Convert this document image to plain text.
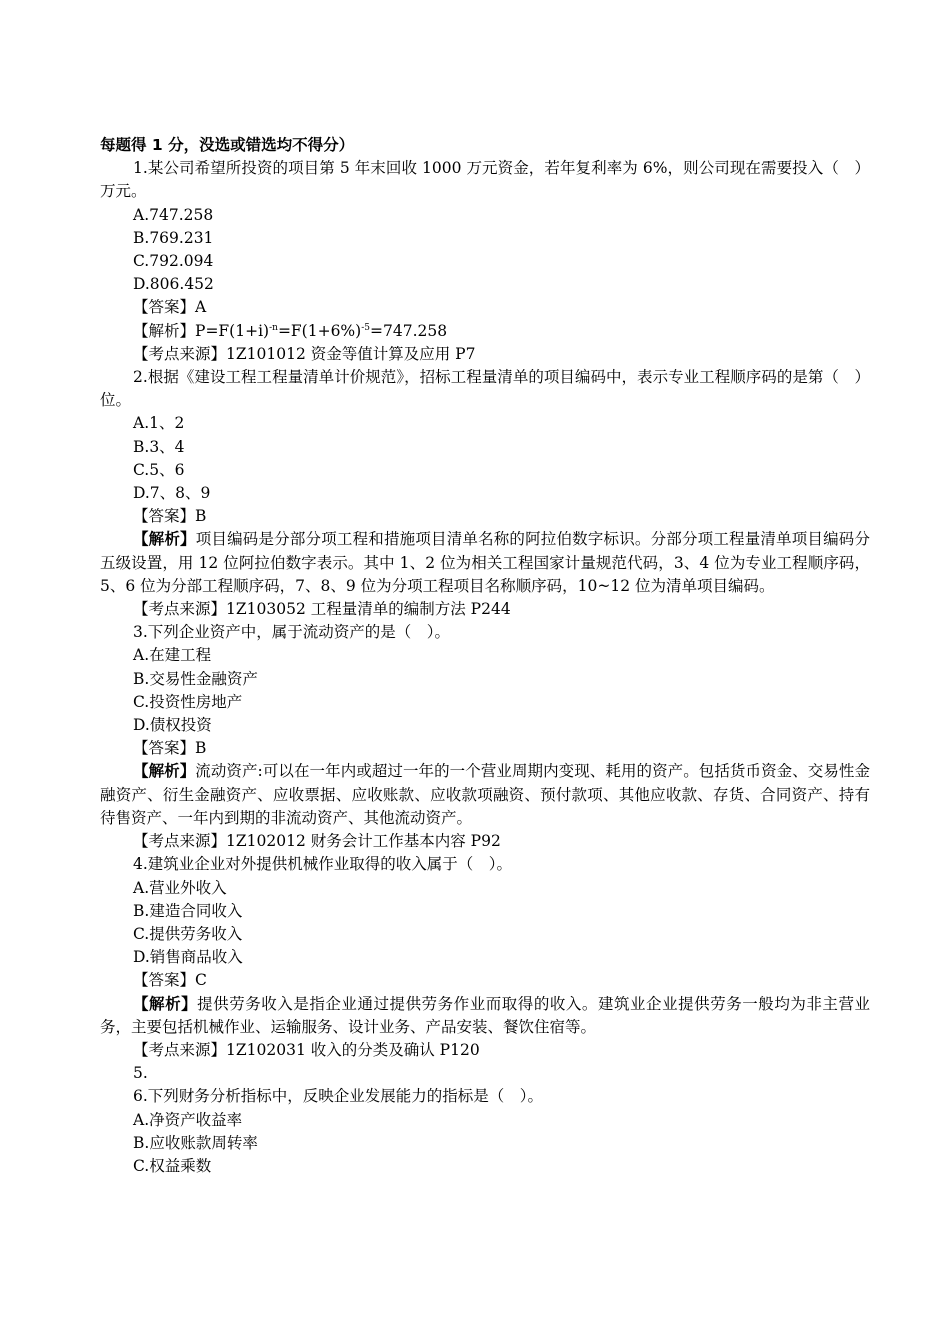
每题得 1 分，没选或错选均不得分）
1.某公司希望所投资的项目第 5 年末回收 1000 万元资金，若年复利率为 6%，则公司现在需要投入（　）万元。
A.747.258
B.769.231
C.792.094
D.806.452
【答案】A
【解析】$P=F(1+i)^{-n}=F(1+6\%)^{-5}=747.258$
【考点来源】1Z101012 资金等值计算及应用 P7
2.根据《建设工程工程量清单计价规范》，招标工程量清单的项目编码中，表示专业工程顺序码的是第（　）位。
A.1、2
B.3、4
C.5、6
D.7、8、9
【答案】B
【解析】项目编码是分部分项工程和措施项目清单名称的阿拉伯数字标识。分部分项工程量清单项目编码分五级设置，用 12 位阿拉伯数字表示。其中 1、2 位为相关工程国家计量规范代码，3、4 位为专业工程顺序码，5、6 位为分部工程顺序码，7、8、9 位为分项工程项目名称顺序码，10~12 位为清单项目编码。
【考点来源】1Z103052 工程量清单的编制方法 P244
3.下列企业资产中，属于流动资产的是（　）。
A.在建工程
B.交易性金融资产
C.投资性房地产
D.债权投资
【答案】B
【解析】流动资产:可以在一年内或超过一年的一个营业周期内变现、耗用的资产。包括货币资金、交易性金融资产、衍生金融资产、应收票据、应收账款、应收款项融资、预付款项、其他应收款、存货、合同资产、持有待售资产、一年内到期的非流动资产、其他流动资产。
【考点来源】1Z102012 财务会计工作基本内容 P92
4.建筑业企业对外提供机械作业取得的收入属于（　）。
A.营业外收入
B.建造合同收入
C.提供劳务收入
D.销售商品收入
【答案】C
【解析】提供劳务收入是指企业通过提供劳务作业而取得的收入。建筑业企业提供劳务一般均为非主营业务，主要包括机械作业、运输服务、设计业务、产品安装、餐饮住宿等。
【考点来源】1Z102031 收入的分类及确认 P120
5.
6.下列财务分析指标中，反映企业发展能力的指标是（　）。
A.净资产收益率
B.应收账款周转率
C.权益乘数
